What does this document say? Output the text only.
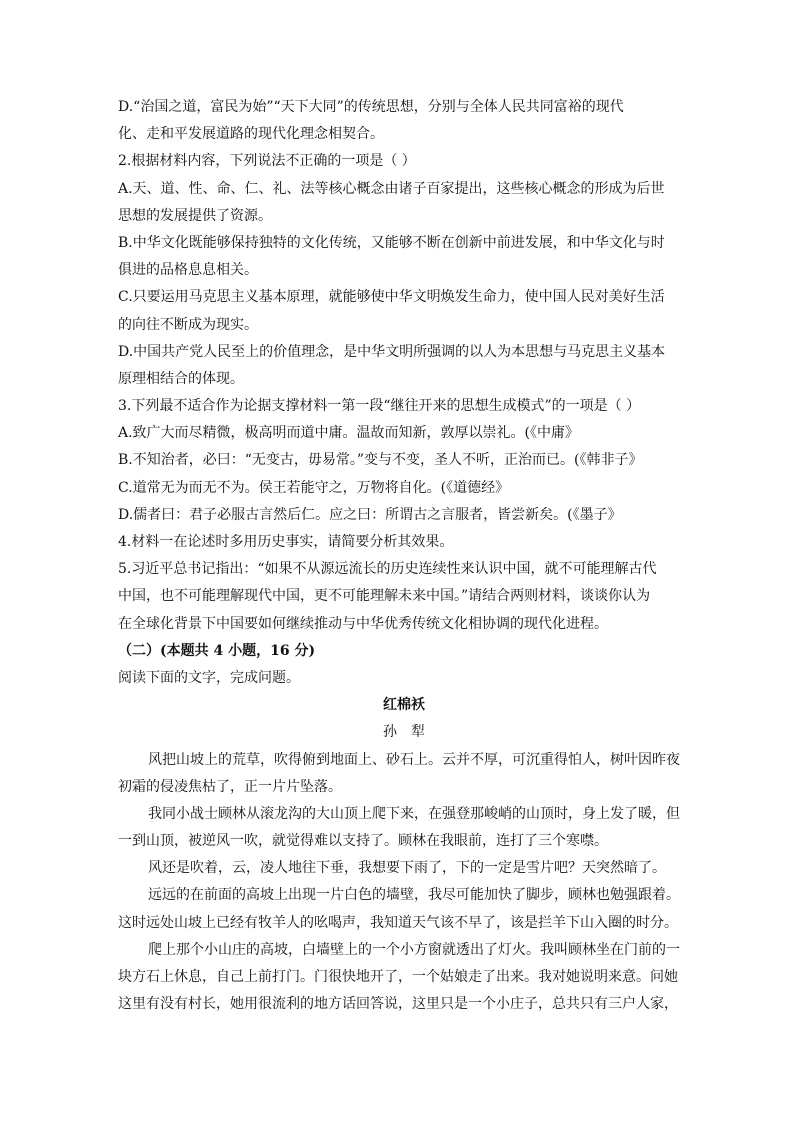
D.“治国之道，富民为始”“天下大同”的传统思想，分别与全体人民共同富裕的现代
化、走和平发展道路的现代化理念相契合。
2.根据材料内容，下列说法不正确的一项是（ ）
A.天、道、性、命、仁、礼、法等核心概念由诸子百家提出，这些核心概念的形成为后世
思想的发展提供了资源。
B.中华文化既能够保持独特的文化传统，又能够不断在创新中前进发展，和中华文化与时
俱进的品格息息相关。
C.只要运用马克思主义基本原理，就能够使中华文明焕发生命力，使中国人民对美好生活
的向往不断成为现实。
D.中国共产党人民至上的价值理念，是中华文明所强调的以人为本思想与马克思主义基本
原理相结合的体现。
3.下列最不适合作为论据支撑材料一第一段“继往开来的思想生成模式”的一项是（ ）
A.致广大而尽精微，极高明而道中庸。温故而知新，敦厚以崇礼。(《中庸》
B.不知治者，必曰：“无变古，毋易常。”变与不变，圣人不听，正治而已。(《韩非子》
C.道常无为而无不为。侯王若能守之，万物将自化。(《道德经》
D.儒者曰：君子必服古言然后仁。应之曰：所谓古之言服者，皆尝新矣。(《墨子》
4.材料一在论述时多用历史事实，请简要分析其效果。
5.习近平总书记指出：“如果不从源远流长的历史连续性来认识中国，就不可能理解古代
中国，也不可能理解现代中国，更不可能理解未来中国。”请结合两则材料，谈谈你认为
在全球化背景下中国要如何继续推动与中华优秀传统文化相协调的现代化进程。
（二）(本题共 4 小题，16 分)
阅读下面的文字，完成问题。
红棉袄
孙犁
风把山坡上的荒草，吹得俯到地面上、砂石上。云并不厚，可沉重得怕人，树叶因昨夜
初霜的侵凌焦枯了，正一片片坠落。
我同小战士顾林从滚龙沟的大山顶上爬下来，在强登那峻峭的山顶时，身上发了暖，但
一到山顶，被逆风一吹，就觉得难以支持了。顾林在我眼前，连打了三个寒噤。
风还是吹着，云，凌人地往下垂，我想要下雨了，下的一定是雪片吧？天突然暗了。
远远的在前面的高坡上出现一片白色的墙壁，我尽可能加快了脚步，顾林也勉强跟着。
这时远处山坡上已经有牧羊人的吆喝声，我知道天气该不早了，该是拦羊下山入圈的时分。
爬上那个小山庄的高坡，白墙壁上的一个小方窗就透出了灯火。我叫顾林坐在门前的一
块方石上休息，自己上前打门。门很快地开了，一个姑娘走了出来。我对她说明来意。问她
这里有没有村长，她用很流利的地方话回答说，这里只是一个小庄子，总共只有三户人家，
